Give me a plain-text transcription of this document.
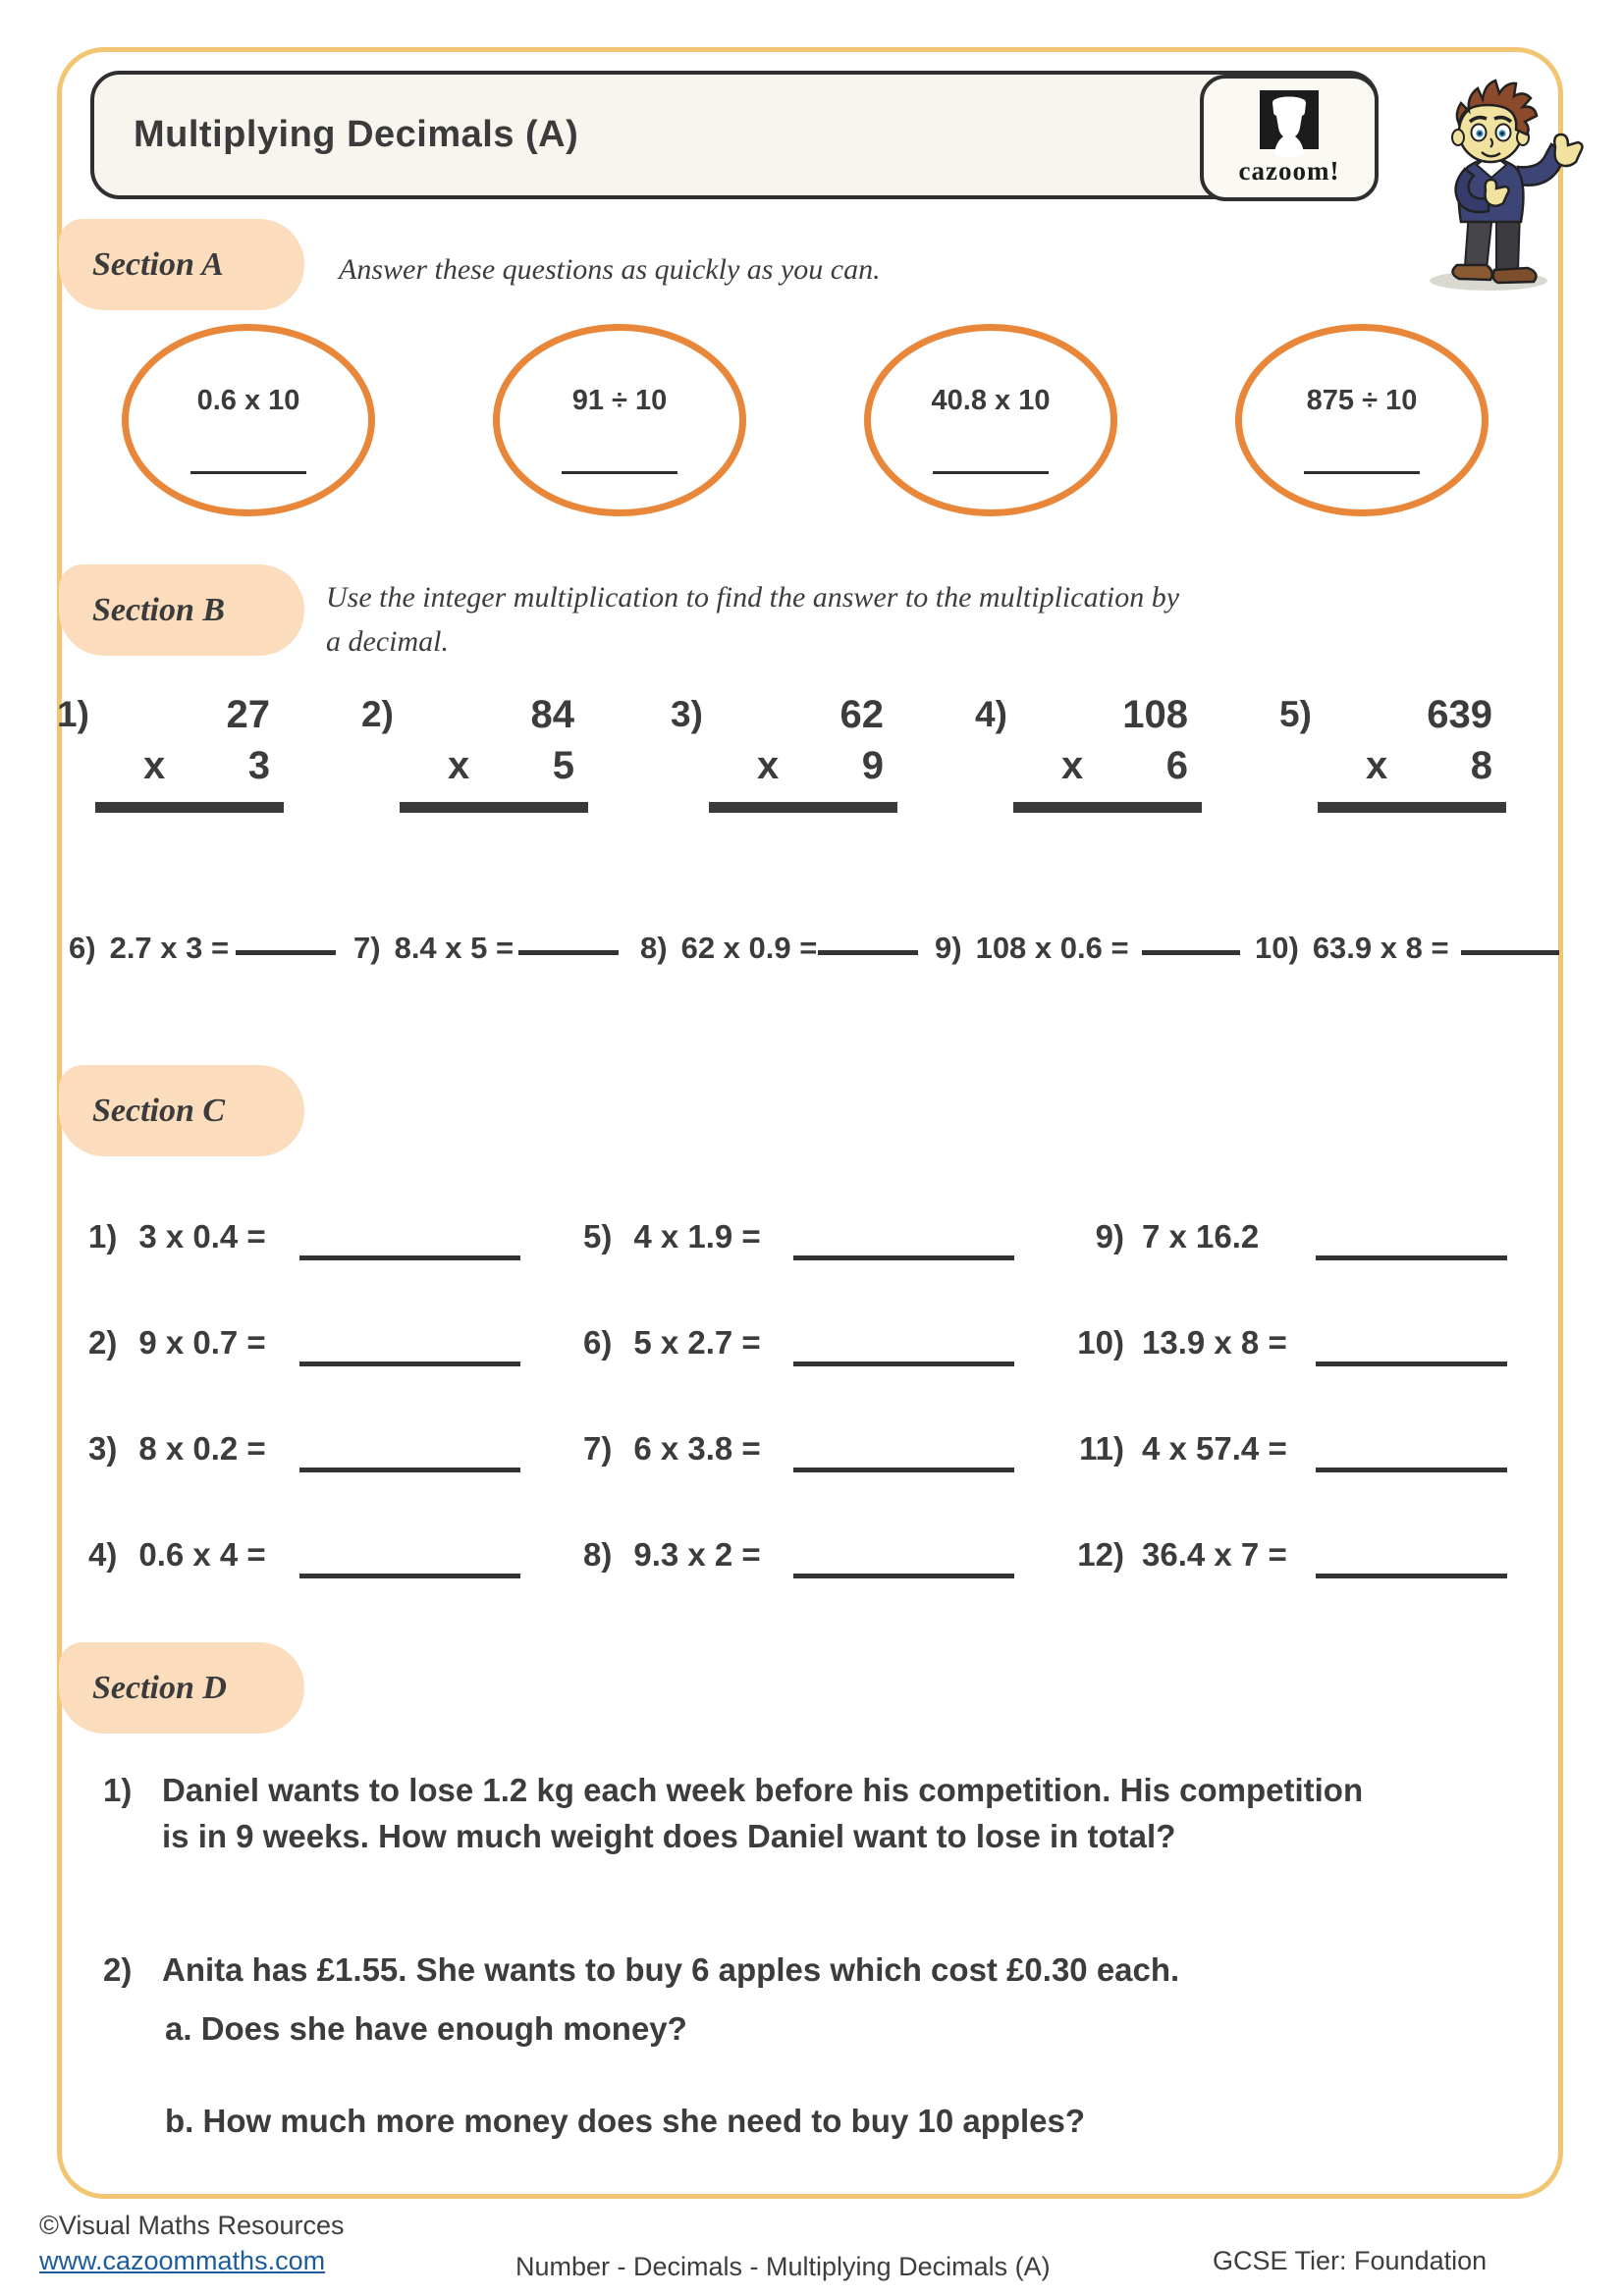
Multiplying Decimals (A)
cazoom!
Section A	Answer these questions as quickly as you can.
0.6 x 10	91 ÷ 10	40.8 x 10	875 ÷ 10
Section B	Use the integer multiplication to find the answer to the multiplication by
a decimal.
1)	27
x 3
2)	84
x 5
3)	62
x 9
4)	108
x 6
5)	639
x 8
6) 2.7 x 3 =	7) 8.4 x 5 =	8) 62 x 0.9 =	9) 108 x 0.6 =	10) 63.9 x 8 =
Section C
1) 3 x 0.4 =
2) 9 x 0.7 =
3) 8 x 0.2 =
4) 0.6 x 4 =
5) 4 x 1.9 =
6) 5 x 2.7 =
7) 6 x 3.8 =
8) 9.3 x 2 =
9) 7 x 16.2
10) 13.9 x 8 =
11) 4 x 57.4 =
12) 36.4 x 7 =
Section D
1) Daniel wants to lose 1.2 kg each week before his competition. His competition
is in 9 weeks. How much weight does Daniel want to lose in total?
2) Anita has £1.55. She wants to buy 6 apples which cost £0.30 each.
a. Does she have enough money?
b. How much more money does she need to buy 10 apples?
©Visual Maths Resources
www.cazoommaths.com	Number - Decimals - Multiplying Decimals (A)	GCSE Tier: Foundation
